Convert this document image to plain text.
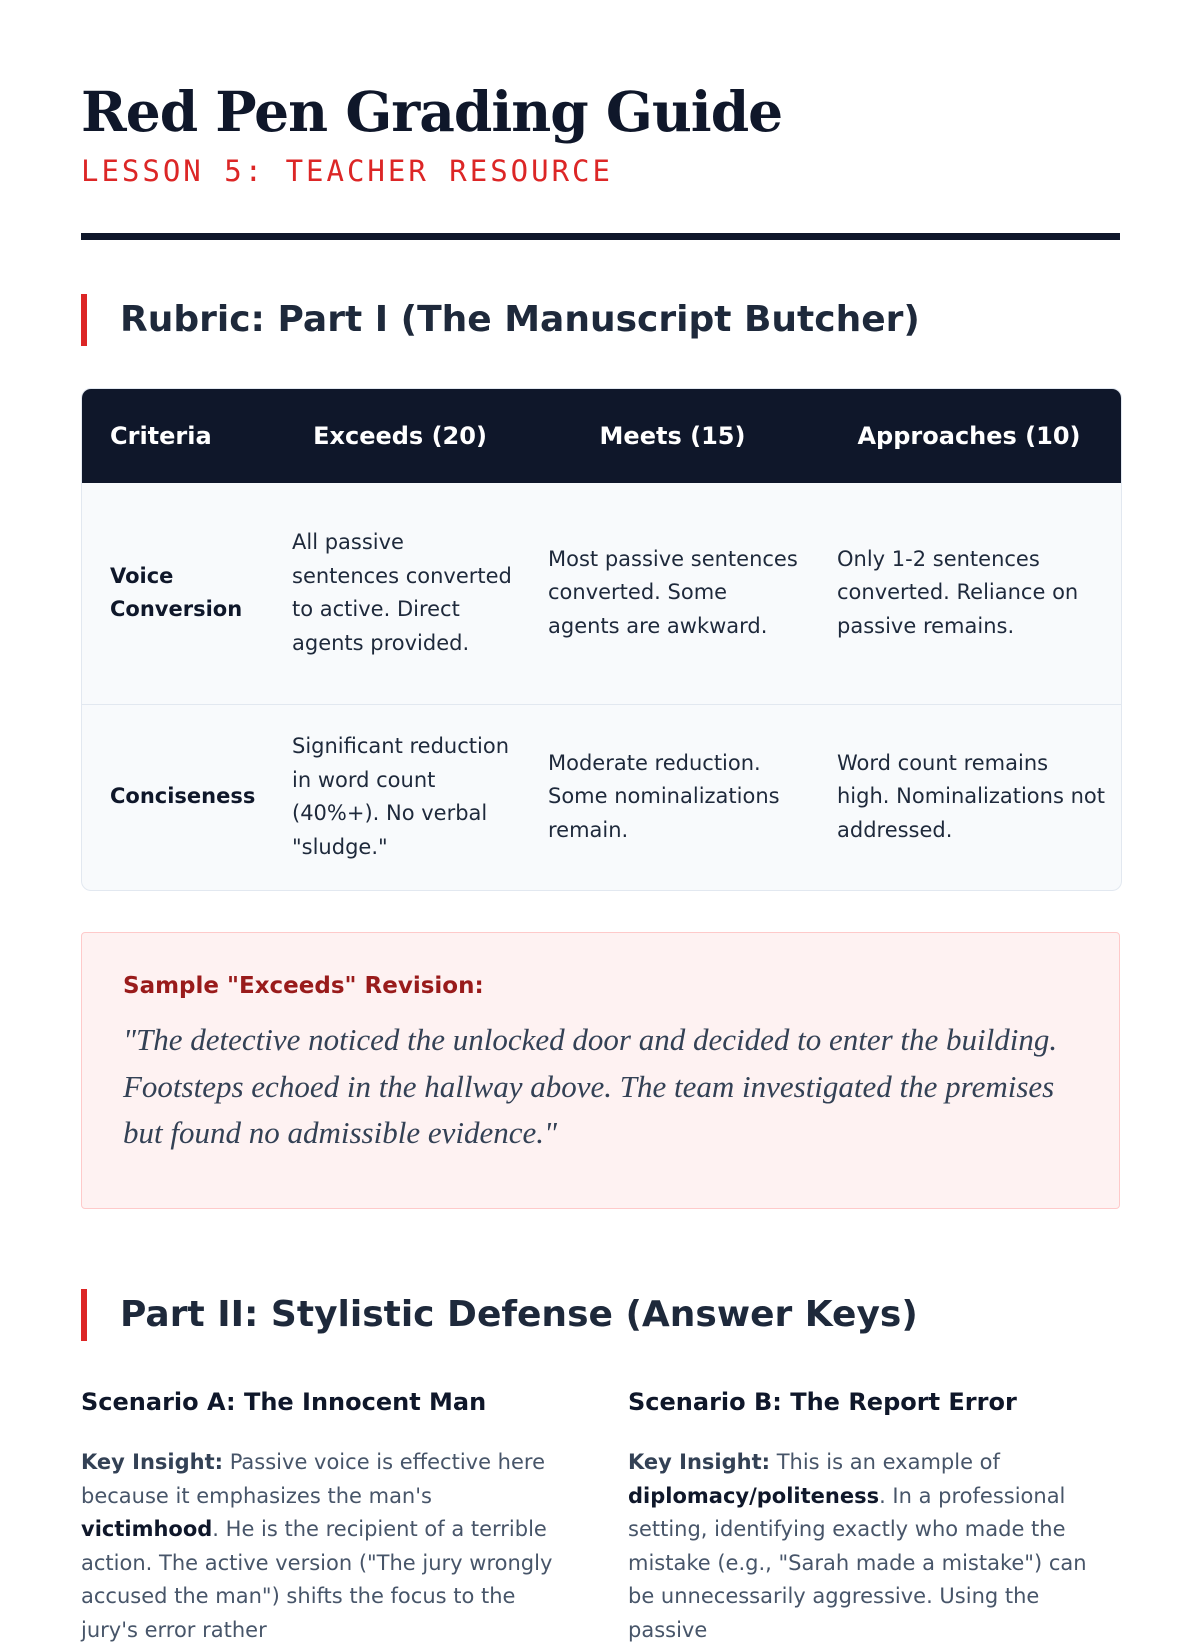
Red Pen Grading Guide
LESSON 5: TEACHER RESOURCE
Rubric: Part I (The Manuscript Butcher)
Criteria	Exceeds (20)	Meets (15)	Approaches (10)
Voice Conversion	All passive sentences converted to active. Direct agents provided.	Most passive sentences converted. Some agents are awkward.	Only 1-2 sentences converted. Reliance on passive remains.
Conciseness	Significant reduction in word count (40%+). No verbal "sludge."	Moderate reduction. Some nominalizations remain.	Word count remains high. Nominalizations not addressed.

Sample "Exceeds" Revision:

"The detective noticed the unlocked door and decided to enter the building. Footsteps echoed in the hallway above. The team investigated the premises but found no admissible evidence."

Part II: Stylistic Defense (Answer Keys)
Scenario A: The Innocent Man

Key Insight: Passive voice is effective here because it emphasizes the man's victimhood. He is the recipient of a terrible action. The active version ("The jury wrongly accused the man") shifts the focus to the jury's error rather

Scenario B: The Report Error

Key Insight: This is an example of diplomacy/politeness. In a professional setting, identifying exactly who made the mistake (e.g., "Sarah made a mistake") can be unnecessarily aggressive. Using the passive
